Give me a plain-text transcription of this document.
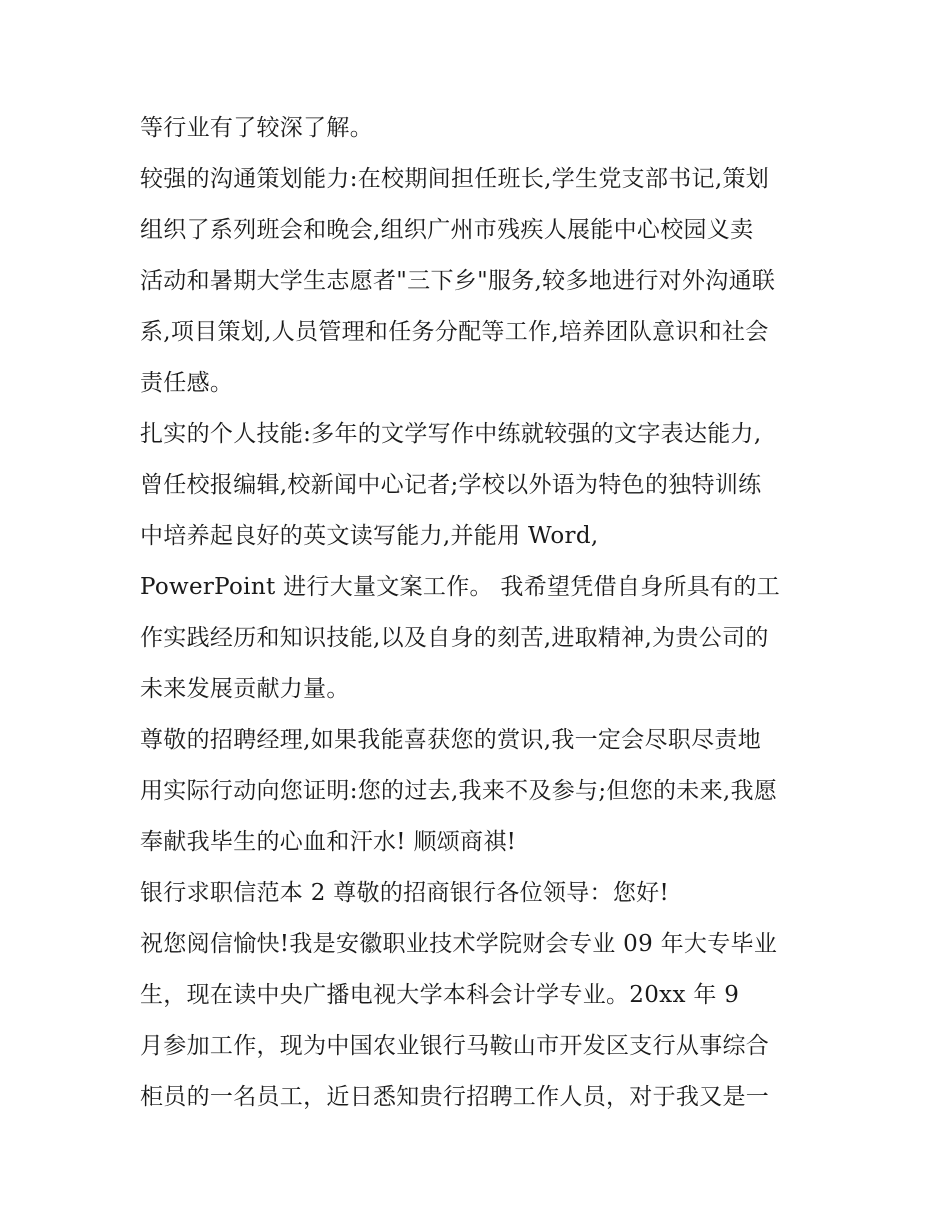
等行业有了较深了解。
较强的沟通策划能力:在校期间担任班长,学生党支部书记,策划
组织了系列班会和晚会,组织广州市残疾人展能中心校园义卖
活动和暑期大学生志愿者"三下乡"服务,较多地进行对外沟通联
系,项目策划,人员管理和任务分配等工作,培养团队意识和社会
责任感。
扎实的个人技能:多年的文学写作中练就较强的文字表达能力,
曾任校报编辑,校新闻中心记者;学校以外语为特色的独特训练
中培养起良好的英文读写能力,并能用 Word,
PowerPoint 进行大量文案工作。 我希望凭借自身所具有的工
作实践经历和知识技能,以及自身的刻苦,进取精神,为贵公司的
未来发展贡献力量。
尊敬的招聘经理,如果我能喜获您的赏识,我一定会尽职尽责地
用实际行动向您证明:您的过去,我来不及参与;但您的未来,我愿
奉献我毕生的心血和汗水! 顺颂商祺!
银行求职信范本 2 尊敬的招商银行各位领导：您好!
祝您阅信愉快!我是安徽职业技术学院财会专业 09 年大专毕业
生，现在读中央广播电视大学本科会计学专业。20xx 年 9
月参加工作，现为中国农业银行马鞍山市开发区支行从事综合
柜员的一名员工，近日悉知贵行招聘工作人员，对于我又是一
